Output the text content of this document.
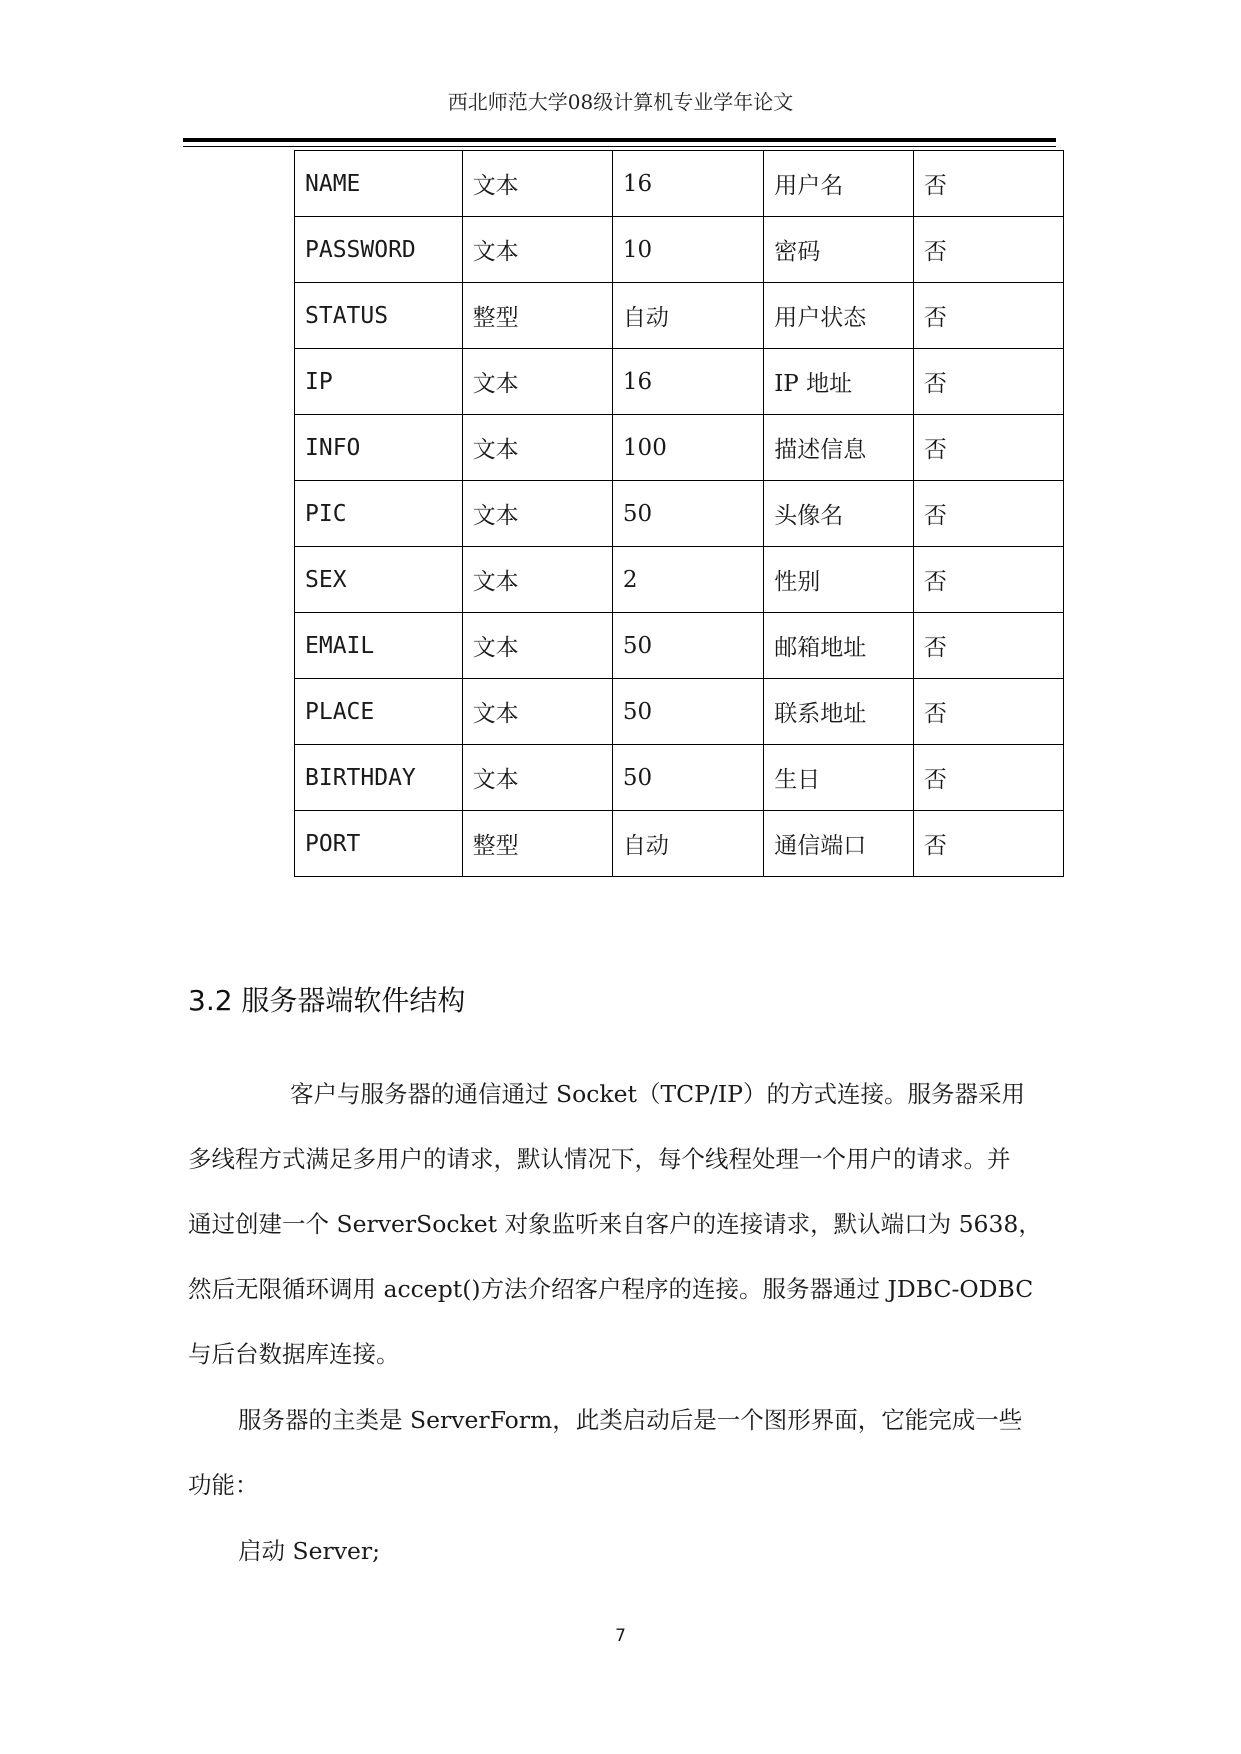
西北师范大学08级计算机专业学年论文
NAME	文本	16	用户名	否
PASSWORD	文本	10	密码	否
STATUS	整型	自动	用户状态	否
IP	文本	16	IP 地址	否
INFO	文本	100	描述信息	否
PIC	文本	50	头像名	否
SEX	文本	2	性别	否
EMAIL	文本	50	邮箱地址	否
PLACE	文本	50	联系地址	否
BIRTHDAY	文本	50	生日	否
PORT	整型	自动	通信端口	否
3.2 服务器端软件结构
客户与服务器的通信通过 Socket（TCP/IP）的方式连接。服务器采用
多线程方式满足多用户的请求，默认情况下，每个线程处理一个用户的请求。并
通过创建一个 ServerSocket 对象监听来自客户的连接请求，默认端口为 5638，
然后无限循环调用 accept()方法介绍客户程序的连接。服务器通过 JDBC-ODBC
与后台数据库连接。
服务器的主类是 ServerForm，此类启动后是一个图形界面，它能完成一些
功能：
启动 Server;
7
